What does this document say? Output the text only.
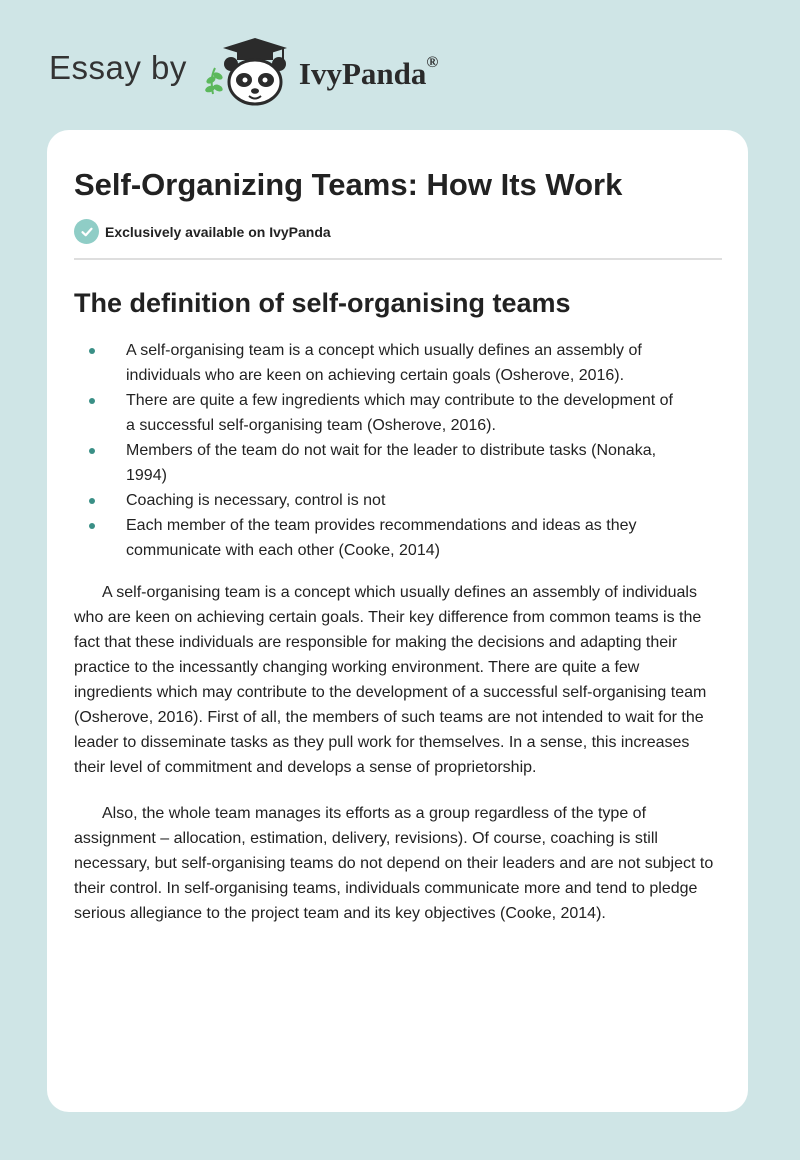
Essay by	IvyPanda®
Self-Organizing Teams: How Its Work
Exclusively available on IvyPanda
The definition of self-organising teams
A self-organising team is a concept which usually defines an assembly of individuals who are keen on achieving certain goals (Osherove, 2016).
There are quite a few ingredients which may contribute to the development of a successful self-organising team (Osherove, 2016).
Members of the team do not wait for the leader to distribute tasks (Nonaka, 1994)
Coaching is necessary, control is not
Each member of the team provides recommendations and ideas as they communicate with each other (Cooke, 2014)

A self-organising team is a concept which usually defines an assembly of individuals who are keen on achieving certain goals. Their key difference from common teams is the fact that these individuals are responsible for making the decisions and adapting their practice to the incessantly changing working environment. There are quite a few ingredients which may contribute to the development of a successful self-organising team (Osherove, 2016). First of all, the members of such teams are not intended to wait for the leader to disseminate tasks as they pull work for themselves. In a sense, this increases their level of commitment and develops a sense of proprietorship.

Also, the whole team manages its efforts as a group regardless of the type of assignment – allocation, estimation, delivery, revisions). Of course, coaching is still necessary, but self-organising teams do not depend on their leaders and are not subject to their control. In self-organising teams, individuals communicate more and tend to pledge serious allegiance to the project team and its key objectives (Cooke, 2014).
